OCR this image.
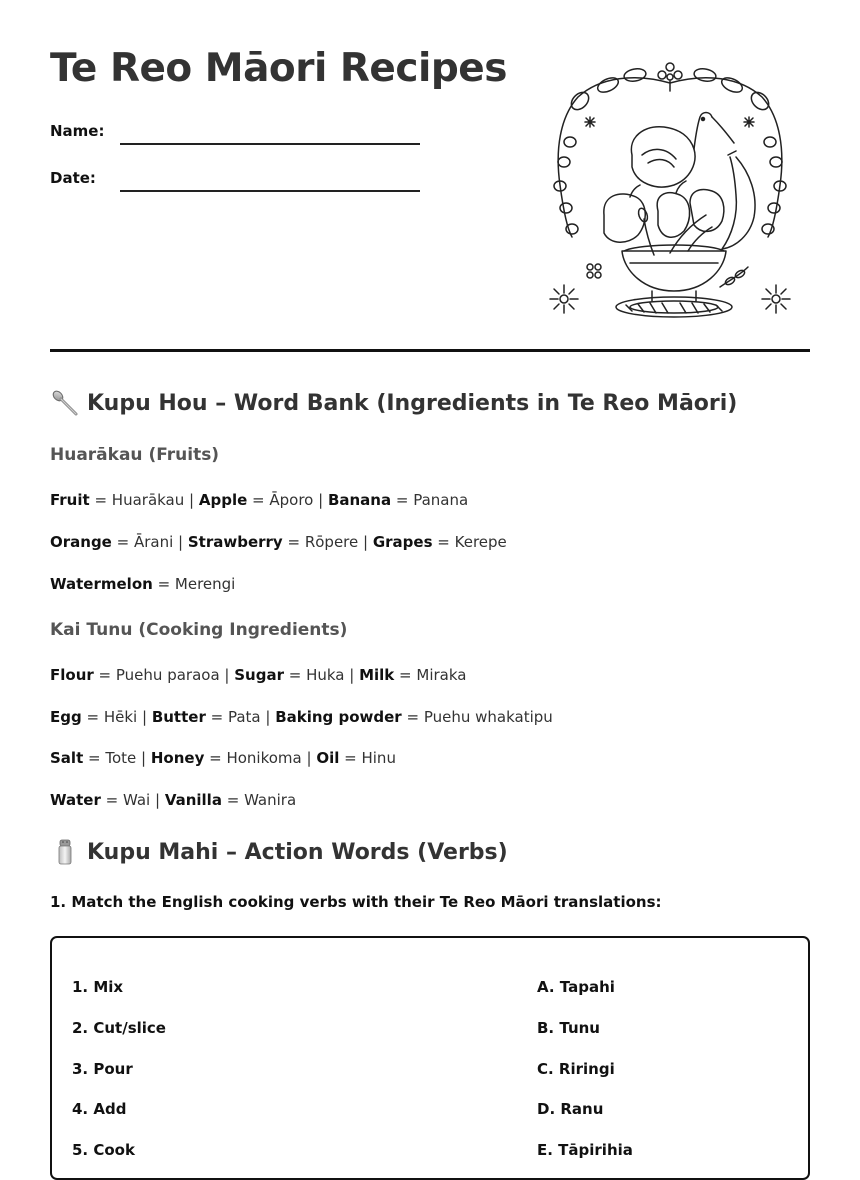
Te Reo Māori Recipes
Name:
Date:
Kupu Hou – Word Bank (Ingredients in Te Reo Māori)
Huarākau (Fruits)
Fruit = Huarākau | Apple = Āporo | Banana = Panana
Orange = Ārani | Strawberry = Rōpere | Grapes = Kerepe
Watermelon = Merengi
Kai Tunu (Cooking Ingredients)
Flour = Puehu paraoa | Sugar = Huka | Milk = Miraka
Egg = Hēki | Butter = Pata | Baking powder = Puehu whakatipu
Salt = Tote | Honey = Honikoma | Oil = Hinu
Water = Wai | Vanilla = Wanira
Kupu Mahi – Action Words (Verbs)
1. Match the English cooking verbs with their Te Reo Māori translations:
1. Mix
2. Cut/slice
3. Pour
4. Add
5. Cook
A. Tapahi
B. Tunu
C. Riringi
D. Ranu
E. Tāpirihia
